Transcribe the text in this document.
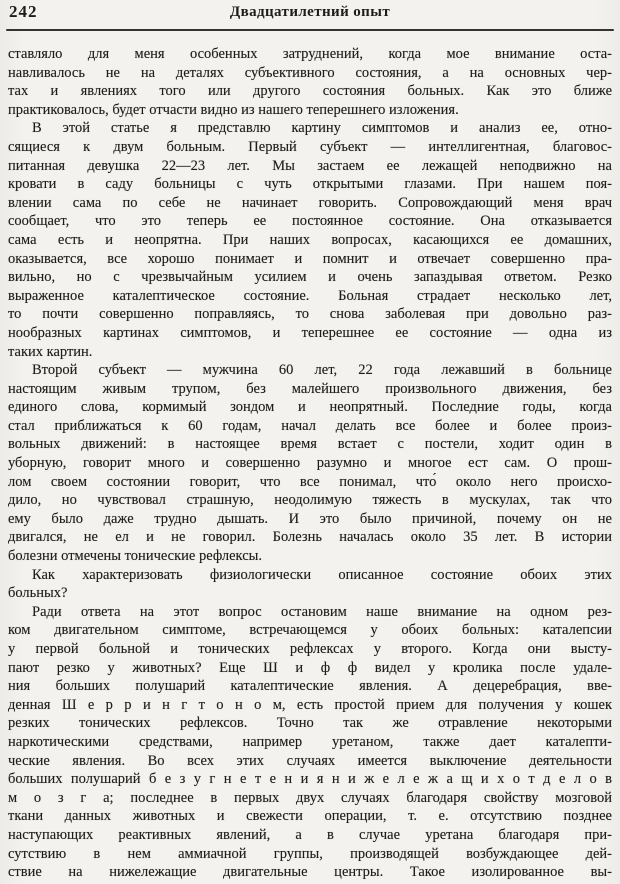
242	Двадцатилетний опыт
ставляло для меня особенных затруднений, когда мое внимание оста-
навливалось не на деталях субъективного состояния, а на основных чер-
тах и явлениях того или другого состояния больных. Как это ближе
практиковалось, будет отчасти видно из нашего теперешнего изложения.
В этой статье я представлю картину симптомов и анализ ее, отно-
сящиеся к двум больным. Первый субъект — интеллигентная, благовос-
питанная девушка 22—23 лет. Мы застаем ее лежащей неподвижно на
кровати в саду больницы с чуть открытыми глазами. При нашем поя-
влении сама по себе не начинает говорить. Сопровождающий меня врач
сообщает, что это теперь ее постоянное состояние. Она отказывается
сама есть и неопрятна. При наших вопросах, касающихся ее домашних,
оказывается, все хорошо понимает и помнит и отвечает совершенно пра-
вильно, но с чрезвычайным усилием и очень запаздывая ответом. Резко
выраженное каталептическое состояние. Больная страдает несколько лет,
то почти совершенно поправляясь, то снова заболевая при довольно раз-
нообразных картинах симптомов, и теперешнее ее состояние — одна из
таких картин.
Второй субъект — мужчина 60 лет, 22 года лежавший в больнице
настоящим живым трупом, без малейшего произвольного движения, без
единого слова, кормимый зондом и неопрятный. Последние годы, когда
стал приближаться к 60 годам, начал делать все более и более произ-
вольных движений: в настоящее время встает с постели, ходит один в
уборную, говорит много и совершенно разумно и многое ест сам. О прош-
лом своем состоянии говорит, что все понимал, что́ около него происхо-
дило, но чувствовал страшную, неодолимую тяжесть в мускулах, так что
ему было даже трудно дышать. И это было причиной, почему он не
двигался, не ел и не говорил. Болезнь началась около 35 лет. В истории
болезни отмечены тонические рефлексы.
Как характеризовать физиологически описанное состояние обоих этих
больных?
Ради ответа на этот вопрос остановим наше внимание на одном рез-
ком двигательном симптоме, встречающемся у обоих больных: каталепсии
у первой больной и тонических рефлексах у второго. Когда они высту-
пают резко у животных? Еще Ш и ф ф видел у кролика после удале-
ния больших полушарий каталептические явления. А децеребрация, вве-
денная Ш е р р и н г т о н о м, есть простой прием для получения у кошек
резких тонических рефлексов. Точно так же отравление некоторыми
наркотическими средствами, например уретаном, также дает каталепти-
ческие явления. Во всех этих случаях имеется выключение деятельности
больших полушарий б е з у г н е т е н и я н и ж е л е ж а щ и х о т д е л о в
м о з г а; последнее в первых двух случаях благодаря свойству мозговой
ткани данных животных и свежести операции, т. е. отсутствию позднее
наступающих реактивных явлений, а в случае уретана благодаря при-
сутствию в нем аммиачной группы, производящей возбуждающее дей-
ствие на нижележащие двигательные центры. Такое изолированное вы-
